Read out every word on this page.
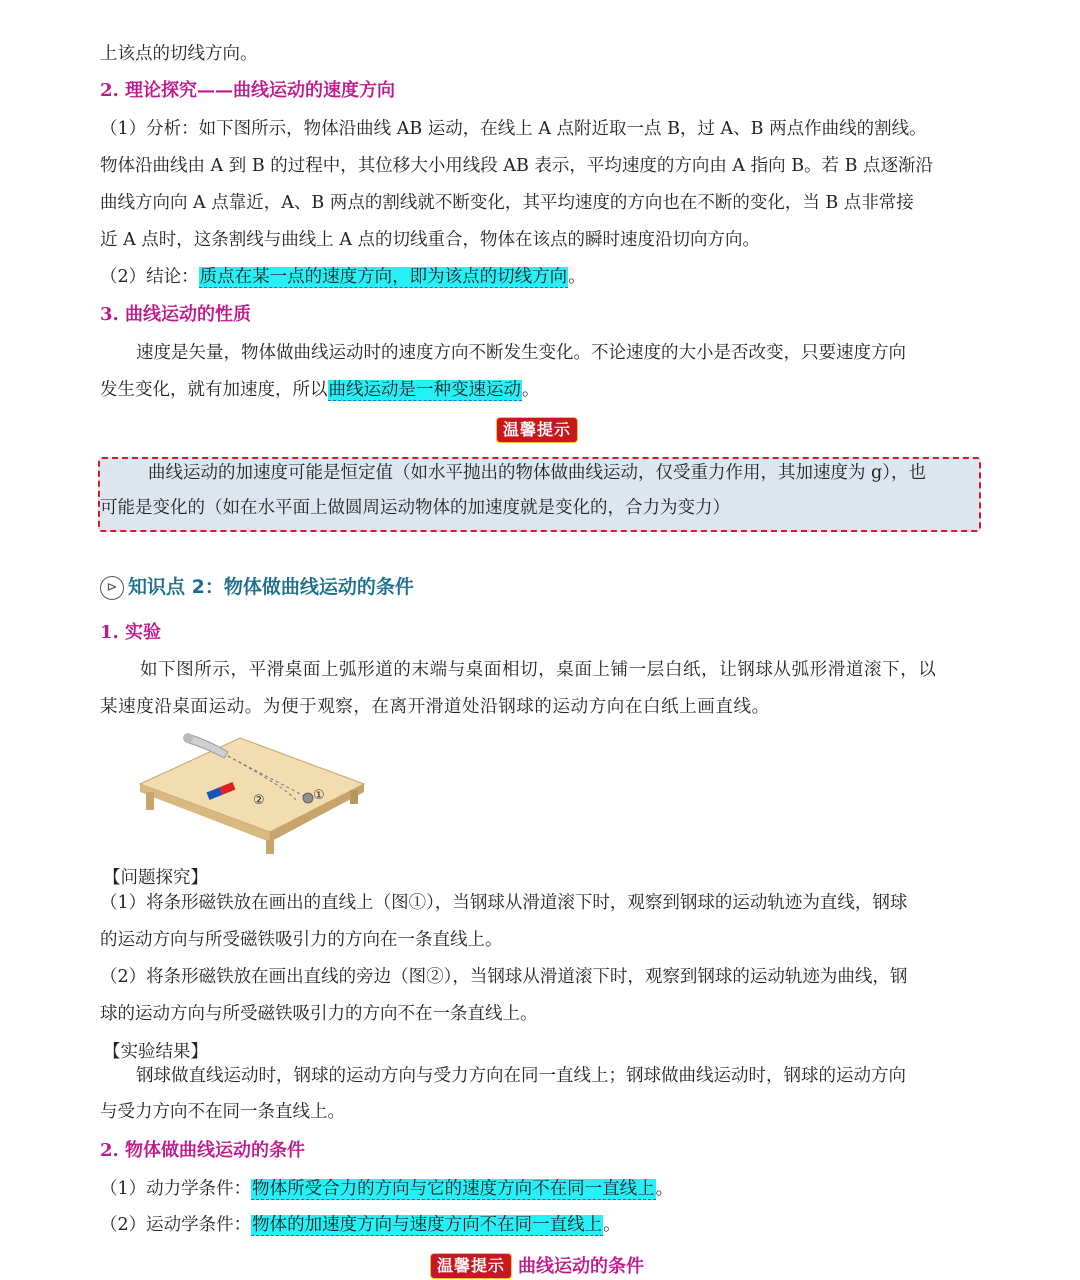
上该点的切线方向。
2. 理论探究——曲线运动的速度方向
（1）分析：如下图所示，物体沿曲线 AB 运动，在线上 A 点附近取一点 B，过 A、B 两点作曲线的割线。
物体沿曲线由 A 到 B 的过程中，其位移大小用线段 AB 表示，平均速度的方向由 A 指向 B。若 B 点逐渐沿
曲线方向向 A 点靠近，A、B 两点的割线就不断变化，其平均速度的方向也在不断的变化，当 B 点非常接
近 A 点时，这条割线与曲线上 A 点的切线重合，物体在该点的瞬时速度沿切向方向。
（2）结论：质点在某一点的速度方向，即为该点的切线方向。
3. 曲线运动的性质
速度是矢量，物体做曲线运动时的速度方向不断发生变化。不论速度的大小是否改变，只要速度方向
发生变化，就有加速度，所以曲线运动是一种变速运动。
温馨提示
曲线运动的加速度可能是恒定值（如水平抛出的物体做曲线运动，仅受重力作用，其加速度为 g），也
可能是变化的（如在水平面上做圆周运动物体的加速度就是变化的，合力为变力）
⊳ 知识点 2：物体做曲线运动的条件
1. 实验
如下图所示，平滑桌面上弧形道的末端与桌面相切，桌面上铺一层白纸，让钢球从弧形滑道滚下，以
某速度沿桌面运动。为便于观察，在离开滑道处沿钢球的运动方向在白纸上画直线。
②	①
【问题探究】
（1）将条形磁铁放在画出的直线上（图①），当钢球从滑道滚下时，观察到钢球的运动轨迹为直线，钢球
的运动方向与所受磁铁吸引力的方向在一条直线上。
（2）将条形磁铁放在画出直线的旁边（图②），当钢球从滑道滚下时，观察到钢球的运动轨迹为曲线，钢
球的运动方向与所受磁铁吸引力的方向不在一条直线上。
【实验结果】
钢球做直线运动时，钢球的运动方向与受力方向在同一直线上；钢球做曲线运动时，钢球的运动方向
与受力方向不在同一条直线上。
2. 物体做曲线运动的条件
（1）动力学条件：物体所受合力的方向与它的速度方向不在同一直线上。
（2）运动学条件：物体的加速度方向与速度方向不在同一直线上。
温馨提示 曲线运动的条件
